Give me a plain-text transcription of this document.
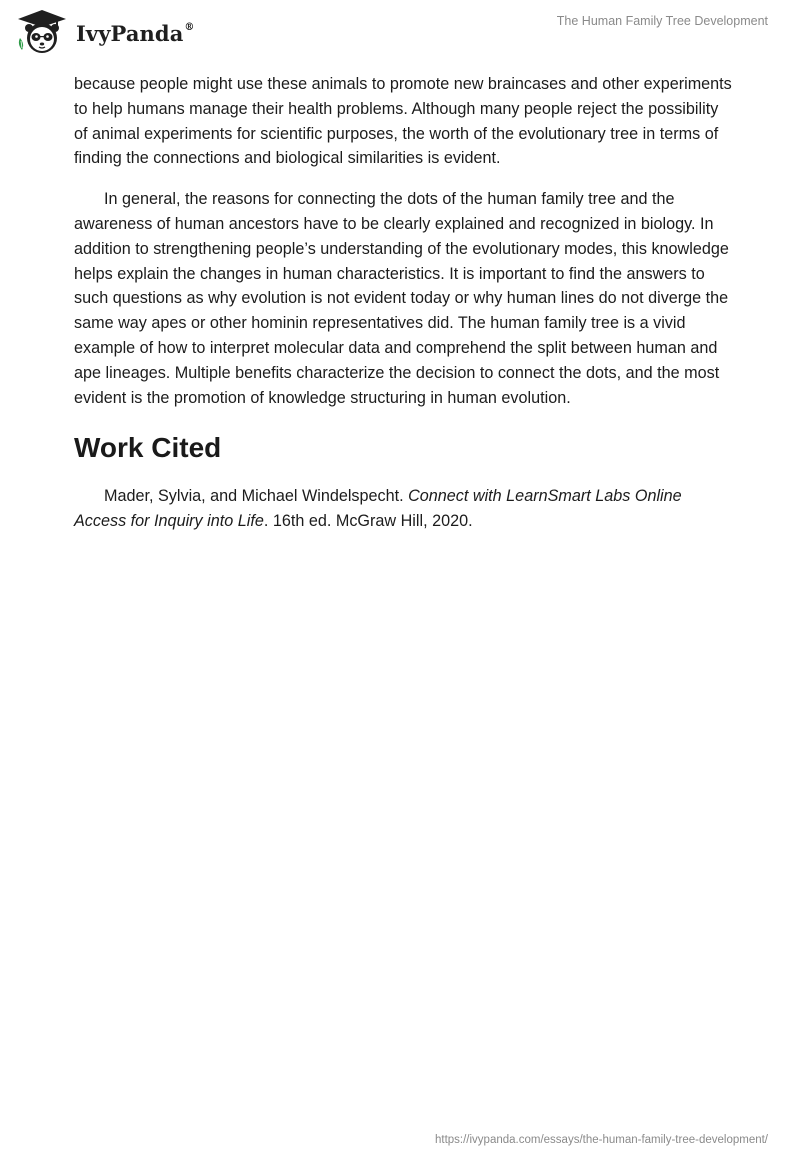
IvyPanda®	The Human Family Tree Development

because people might use these animals to promote new braincases and other experiments to help humans manage their health problems. Although many people reject the possibility of animal experiments for scientific purposes, the worth of the evolutionary tree in terms of finding the connections and biological similarities is evident.

In general, the reasons for connecting the dots of the human family tree and the awareness of human ancestors have to be clearly explained and recognized in biology. In addition to strengthening people’s understanding of the evolutionary modes, this knowledge helps explain the changes in human characteristics. It is important to find the answers to such questions as why evolution is not evident today or why human lines do not diverge the same way apes or other hominin representatives did. The human family tree is a vivid example of how to interpret molecular data and comprehend the split between human and ape lineages. Multiple benefits characterize the decision to connect the dots, and the most evident is the promotion of knowledge structuring in human evolution.

Work Cited

Mader, Sylvia, and Michael Windelspecht. Connect with LearnSmart Labs Online Access for Inquiry into Life. 16th ed. McGraw Hill, 2020.

https://ivypanda.com/essays/the-human-family-tree-development/
